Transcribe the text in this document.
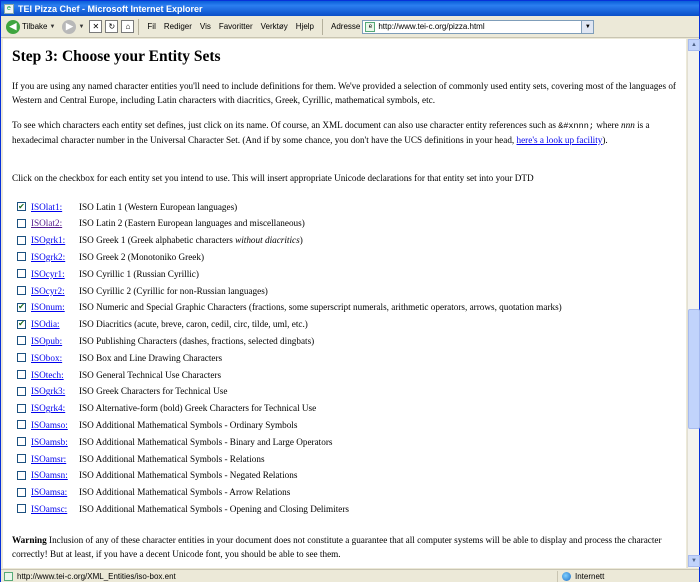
e TEI Pizza Chef - Microsoft Internet Explorer
◀ Tilbake ▼	▶ ▼	✕	↻	⌂	Fil Rediger Vis Favoritter Verktøy Hjelp Adresse	e http://www.tei-c.org/pizza.html	▼
Step 3: Choose your Entity Sets

If you are using any named character entities you'll need to include definitions for them. We've provided a selection of commonly used entity sets, covering most of the languages of Western and Central Europe, including Latin characters with diacritics, Greek, Cyrillic, mathematical symbols, etc.

To see which characters each entity set defines, just click on its name. Of course, an XML document can also use character entity references such as &#xnnn; where nnn is a hexadecimal character number in the Universal Character Set. (And if by some chance, you don't have the UCS definitions in your head, here's a look up facility).

Click on the checkbox for each entity set you intend to use. This will insert appropriate Unicode declarations for that entity set into your DTD

✔ ISOlat1:	ISO Latin 1 (Western European languages)
ISOlat2:	ISO Latin 2 (Eastern European languages and miscellaneous)
ISOgrk1:	ISO Greek 1 (Greek alphabetic characters without diacritics)
ISOgrk2:	ISO Greek 2 (Monotoniko Greek)
ISOcyr1:	ISO Cyrillic 1 (Russian Cyrillic)
ISOcyr2:	ISO Cyrillic 2 (Cyrillic for non-Russian languages)
✔ ISOnum:	ISO Numeric and Special Graphic Characters (fractions, some superscript numerals, arithmetic operators, arrows, quotation marks)
✔ ISOdia:	ISO Diacritics (acute, breve, caron, cedil, circ, tilde, uml, etc.)
ISOpub:	ISO Publishing Characters (dashes, fractions, selected dingbats)
ISObox:	ISO Box and Line Drawing Characters
ISOtech:	ISO General Technical Use Characters
ISOgrk3:	ISO Greek Characters for Technical Use
ISOgrk4:	ISO Alternative-form (bold) Greek Characters for Technical Use
ISOamso:	ISO Additional Mathematical Symbols - Ordinary Symbols
ISOamsb:	ISO Additional Mathematical Symbols - Binary and Large Operators
ISOamsr:	ISO Additional Mathematical Symbols - Relations
ISOamsn:	ISO Additional Mathematical Symbols - Negated Relations
ISOamsa:	ISO Additional Mathematical Symbols - Arrow Relations
ISOamsc:	ISO Additional Mathematical Symbols - Opening and Closing Delimiters

Warning Inclusion of any of these character entities in your document does not constitute a guarantee that all computer systems will be able to display and process the character correctly! But at least, if you have a decent Unicode font, you should be able to see them.

▲
▼
http://www.tei-c.org/XML_Entities/iso-box.ent	Internett
